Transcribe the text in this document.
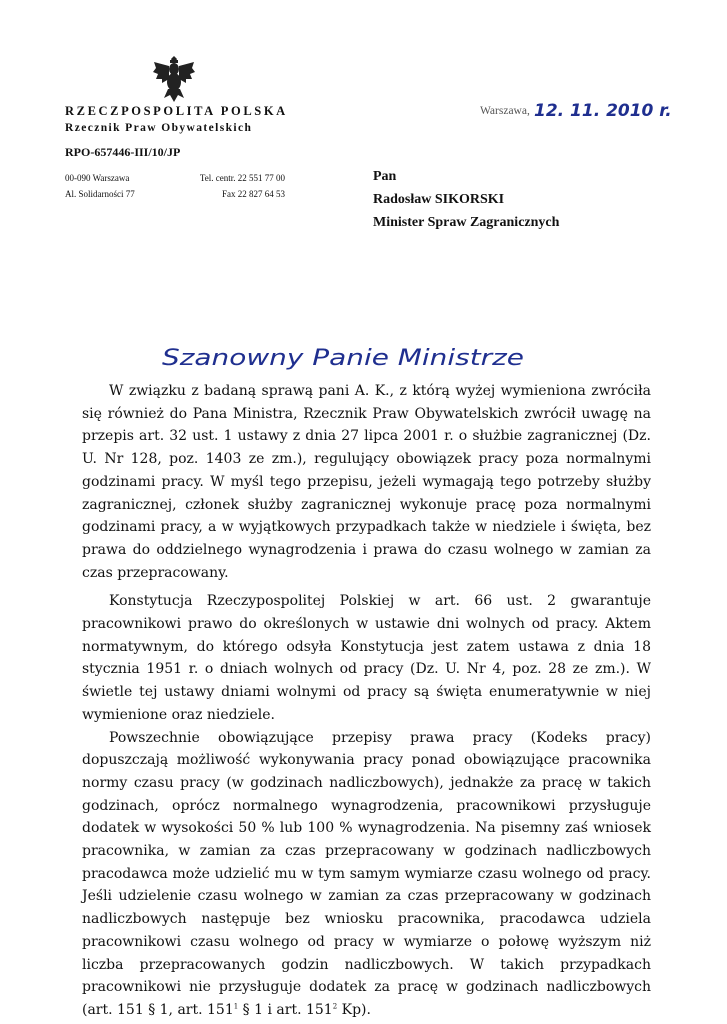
RZECZPOSPOLITA POLSKA
Rzecznik Praw Obywatelskich
RPO-657446-III/10/JP
00-090 Warszawa	Tel. centr. 22 551 77 00
Al. Solidarności 77	Fax 22 827 64 53
Warszawa, 12. 11. 2010 r.
Pan
Radosław SIKORSKI
Minister Spraw Zagranicznych
Szanowny Panie Ministrze

W związku z badaną sprawą pani A. K., z którą wyżej wymieniona zwróciła się również do Pana Ministra, Rzecznik Praw Obywatelskich zwrócił uwagę na przepis art. 32 ust. 1 ustawy z dnia 27 lipca 2001 r. o służbie zagranicznej (Dz. U. Nr 128, poz. 1403 ze zm.), regulujący obowiązek pracy poza normalnymi godzinami pracy. W myśl tego przepisu, jeżeli wymagają tego potrzeby służby zagranicznej, członek służby zagranicznej wykonuje pracę poza normalnymi godzinami pracy, a w wyjątkowych przypadkach także w niedziele i święta, bez prawa do oddzielnego wynagrodzenia i prawa do czasu wolnego w zamian za czas przepracowany.

Konstytucja Rzeczypospolitej Polskiej w art. 66 ust. 2 gwarantuje pracownikowi prawo do określonych w ustawie dni wolnych od pracy. Aktem normatywnym, do którego odsyła Konstytucja jest zatem ustawa z dnia 18 stycznia 1951 r. o dniach wolnych od pracy (Dz. U. Nr 4, poz. 28 ze zm.). W świetle tej ustawy dniami wolnymi od pracy są święta enumeratywnie w niej wymienione oraz niedziele.

Powszechnie obowiązujące przepisy prawa pracy (Kodeks pracy) dopuszczają możliwość wykonywania pracy ponad obowiązujące pracownika normy czasu pracy (w godzinach nadliczbowych), jednakże za pracę w takich godzinach, oprócz normalnego wynagrodzenia, pracownikowi przysługuje dodatek w wysokości 50 % lub 100 % wynagrodzenia. Na pisemny zaś wniosek pracownika, w zamian za czas przepracowany w godzinach nadliczbowych pracodawca może udzielić mu w tym samym wymiarze czasu wolnego od pracy. Jeśli udzielenie czasu wolnego w zamian za czas przepracowany w godzinach nadliczbowych następuje bez wniosku pracownika, pracodawca udziela pracownikowi czasu wolnego od pracy w wymiarze o połowę wyższym niż liczba przepracowanych godzin nadliczbowych. W takich przypadkach pracownikowi nie przysługuje dodatek za pracę w godzinach nadliczbowych (art. 151 § 1, art. $151^1$ § 1 i art. $151^2$ Kp).
